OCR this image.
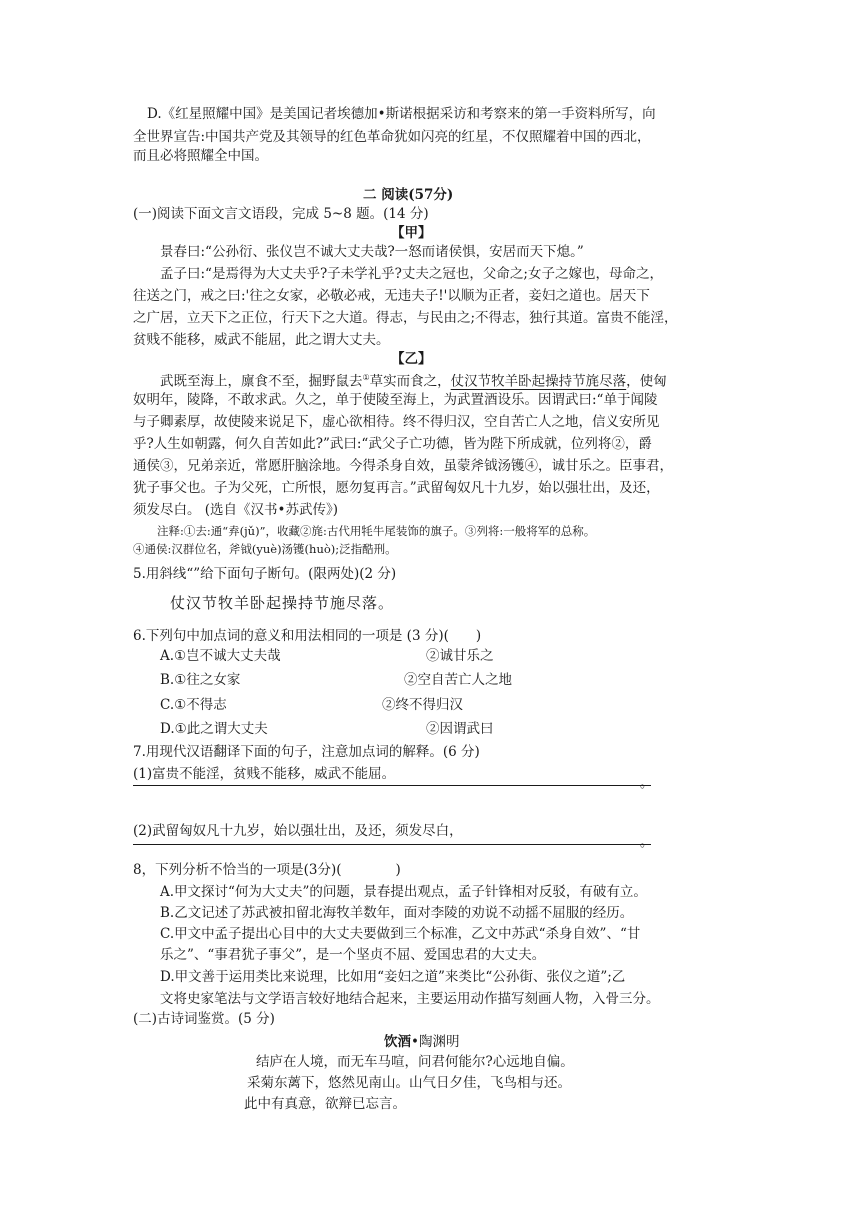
D.《红星照耀中国》是美国记者埃德加•斯诺根据采访和考察来的第一手资料所写，向
全世界宣告:中国共产党及其领导的红色革命犹如闪亮的红星，不仅照耀着中国的西北，
而且必将照耀全中国。
二 阅读(57分)
(一)阅读下面文言文语段，完成 5~8 题。(14 分)
【甲】
景春曰:“公孙衍、张仪岂不诚大丈夫哉?一怒而诸侯惧，安居而天下熄。”
孟子曰:“是焉得为大丈夫乎?子未学礼乎?丈夫之冠也，父命之;女子之嫁也，母命之，
往送之门，戒之曰:'往之女家，必敬必戒，无违夫子!'以顺为正者，妾妇之道也。居天下
之广居，立天下之正位，行天下之大道。得志，与民由之;不得志，独行其道。富贵不能淫，
贫贱不能移，威武不能屈，此之谓大丈夫。
【乙】
武既至海上，廪食不至，掘野鼠去①草实而食之，仗汉节牧羊卧起操持节旄尽落，使匈
奴明年，陵降，不敢求武。久之，单于使陵至海上，为武置酒设乐。因谓武曰:“单于闻陵
与子卿素厚，故使陵来说足下，虚心欲相待。终不得归汉，空自苦亡人之地，信义安所见
乎?人生如朝露，何久自苦如此?”武曰:“武父子亡功德，皆为陛下所成就，位列将②，爵
通侯③，兄弟亲近，常愿肝脑涂地。今得杀身自效，虽蒙斧钺汤镬④，诚甘乐之。臣事君，
犹子事父也。子为父死，亡所恨，愿勿复再言。”武留匈奴凡十九岁，始以强壮出，及还，
须发尽白。 (选自《汉书•苏武传》)
注释:①去:通“弆(jǔ)”，收藏②旄:古代用牦牛尾装饰的旗子。③列将:一般将军的总称。
④通侯:汉群位名，斧钺(yuè)汤镬(huò);泛指酷刑。
5.用斜线“”给下面句子断句。(限两处)(2 分)
仗汉节牧羊卧起操持节施尽落。
6.下列句中加点词的意义和用法相同的一项是 (3 分)(　　)
A.①岂不诚大丈夫哉	②诚甘乐之
B.①往之女家	②空自苦亡人之地
C.①不得志	②终不得归汉
D.①此之谓大丈夫	②因谓武曰
7.用现代汉语翻译下面的句子，注意加点词的解释。(6 分)
(1)富贵不能淫，贫贱不能移，威武不能屈。
。
(2)武留匈奴凡十九岁，始以强壮出，及还，须发尽白，
。
8，下列分析不恰当的一项是(3分)(　　　　)
A.甲文探讨“何为大丈夫”的问题，景春提出观点，孟子针锋相对反驳，有破有立。
B.乙文记述了苏武被扣留北海牧羊数年，面对李陵的劝说不动摇不屈服的经历。
C.甲文中孟子提出心目中的大丈夫要做到三个标准，乙文中苏武“杀身自效”、“甘
乐之”、“事君犹子事父”，是一个坚贞不屈、爱国忠君的大丈夫。
D.甲文善于运用类比来说理，比如用“妾妇之道”来类比“公孙街、张仪之道”;乙
文将史家笔法与文学语言较好地结合起来，主要运用动作描写刻画人物，入骨三分。
(二)古诗词鉴赏。(5 分)
饮酒•陶渊明
结庐在人境，而无车马喧，问君何能尔?心远地自偏。
采菊东蓠下，悠然见南山。山气日夕佳，飞鸟相与还。
此中有真意，欲辩已忘言。
